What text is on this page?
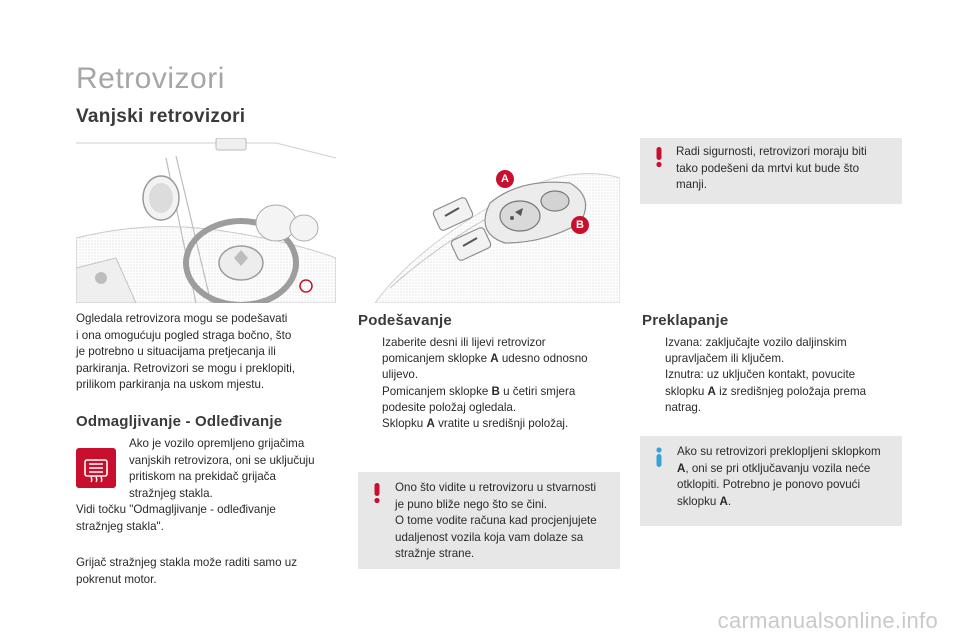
Retrovizori
Vanjski retrovizori
A
B
Radi sigurnosti, retrovizori moraju biti
tako podešeni da mrtvi kut bude što
manji.
Ogledala retrovizora mogu se podešavati
i ona omogućuju pogled straga bočno, što
je potrebno u situacijama pretjecanja ili
parkiranja. Retrovizori se mogu i preklopiti,
prilikom parkiranja na uskom mjestu.
Odmagljivanje - Odleđivanje
Ako je vozilo opremljeno grijačima
vanjskih retrovizora, oni se uključuju
pritiskom na prekidač grijača
stražnjeg stakla.
Vidi točku "Odmagljivanje - odleđivanje
stražnjeg stakla".
Grijač stražnjeg stakla može raditi samo uz
pokrenut motor.
Podešavanje
Izaberite desni ili lijevi retrovizor pomicanjem sklopke A udesno odnosno ulijevo.
Pomicanjem sklopke B u četiri smjera podesite položaj ogledala.
Sklopku A vratite u središnji položaj.
Ono što vidite u retrovizoru u stvarnosti
je puno bliže nego što se čini.
O tome vodite računa kad procjenjujete
udaljenost vozila koja vam dolaze sa
stražnje strane.
Preklapanje
Izvana: zaključajte vozilo daljinskim upravljačem ili ključem.
Iznutra: uz uključen kontakt, povucite sklopku A iz središnjeg položaja prema natrag.
Ako su retrovizori preklopljeni sklopkom
A, oni se pri otključavanju vozila neće
otklopiti. Potrebno je ponovo povući
sklopku A.
carmanualsonline.info
